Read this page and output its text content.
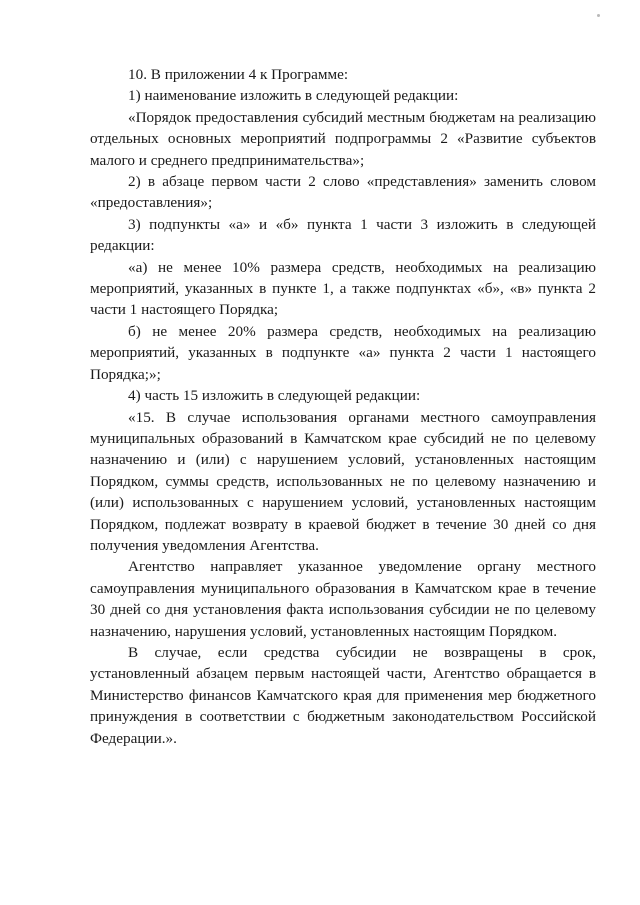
10. В приложении 4 к Программе:

1) наименование изложить в следующей редакции:

«Порядок предоставления субсидий местным бюджетам на реализацию отдельных основных мероприятий подпрограммы 2 «Развитие субъектов малого и среднего предпринимательства»;

2) в абзаце первом части 2 слово «представления» заменить словом «предоставления»;

3) подпункты «а» и «б» пункта 1 части 3 изложить в следующей редакции:

«а) не менее 10% размера средств, необходимых на реализацию мероприятий, указанных в пункте 1, а также подпунктах «б», «в» пункта 2 части 1 настоящего Порядка;

б) не менее 20% размера средств, необходимых на реализацию мероприятий, указанных в подпункте «а» пункта 2 части 1 настоящего Порядка;»;

4) часть 15 изложить в следующей редакции:

«15. В случае использования органами местного самоуправления муниципальных образований в Камчатском крае субсидий не по целевому назначению и (или) с нарушением условий, установленных настоящим Порядком, суммы средств, использованных не по целевому назначению и (или) использованных с нарушением условий, установленных настоящим Порядком, подлежат возврату в краевой бюджет в течение 30 дней со дня получения уведомления Агентства.

Агентство направляет указанное уведомление органу местного самоуправления муниципального образования в Камчатском крае в течение 30 дней со дня установления факта использования субсидии не по целевому назначению, нарушения условий, установленных настоящим Порядком.

В случае, если средства субсидии не возвращены в срок, установленный абзацем первым настоящей части, Агентство обращается в Министерство финансов Камчатского края для применения мер бюджетного принуждения в соответствии с бюджетным законодательством Российской Федерации.».
